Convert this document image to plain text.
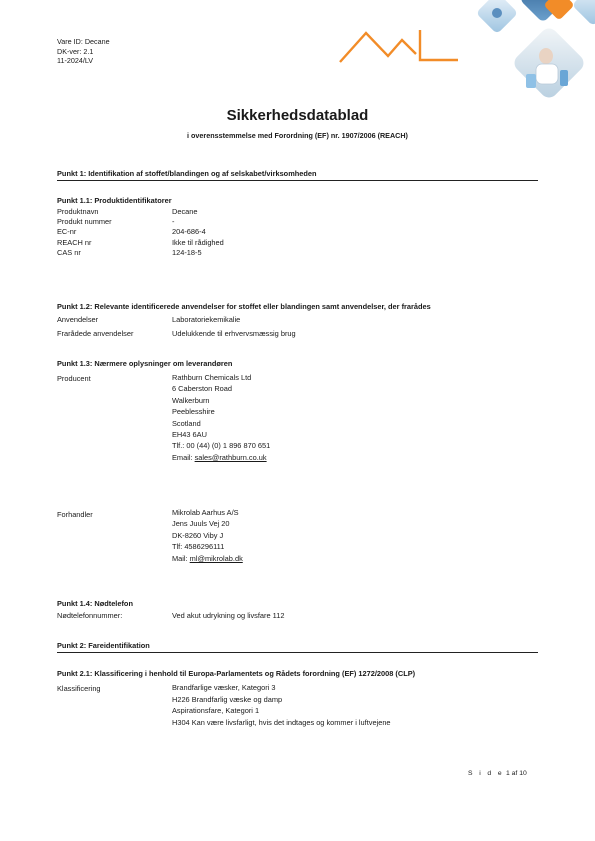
Vare ID: Decane
DK-ver: 2.1
11-2024/LV
Sikkerhedsdatablad
i overensstemmelse med Forordning (EF) nr. 1907/2006 (REACH)
Punkt 1: Identifikation af stoffet/blandingen og af selskabet/virksomheden
Punkt 1.1: Produktidentifikatorer
Produktnavn	Decane
Produkt nummer	-
EC-nr	204-686-4
REACH nr	Ikke til rådighed
CAS nr	124-18-5
Punkt 1.2: Relevante identificerede anvendelser for stoffet eller blandingen samt anvendelser, der frarådes
Anvendelser	Laboratoriekemikalie
Frarådede anvendelser	Udelukkende til erhvervsmæssig brug
Punkt 1.3: Nærmere oplysninger om leverandøren
Producent	Rathburn Chemicals Ltd
6 Caberston Road
Walkerburn
Peeblesshire
Scotland
EH43 6AU
Tlf.: 00 (44) (0) 1 896 870 651
Email: sales@rathburn.co.uk
Forhandler	Mikrolab Aarhus A/S
Jens Juuls Vej 20
DK-8260 Viby J
Tlf: 4586296111
Mail: ml@mikrolab.dk
Punkt 1.4: Nødtelefon
Nødtelefonnummer:	Ved akut udrykning og livsfare 112
Punkt 2: Fareidentifikation
Punkt 2.1: Klassificering i henhold til Europa-Parlamentets og Rådets forordning (EF) 1272/2008 (CLP)
Klassificering	Brandfarlige væsker, Kategori 3
H226 Brandfarlig væske og damp
Aspirationsfare, Kategori 1
H304 Kan være livsfarligt, hvis det indtages og kommer i luftvejene
S i d e 1 af 10
